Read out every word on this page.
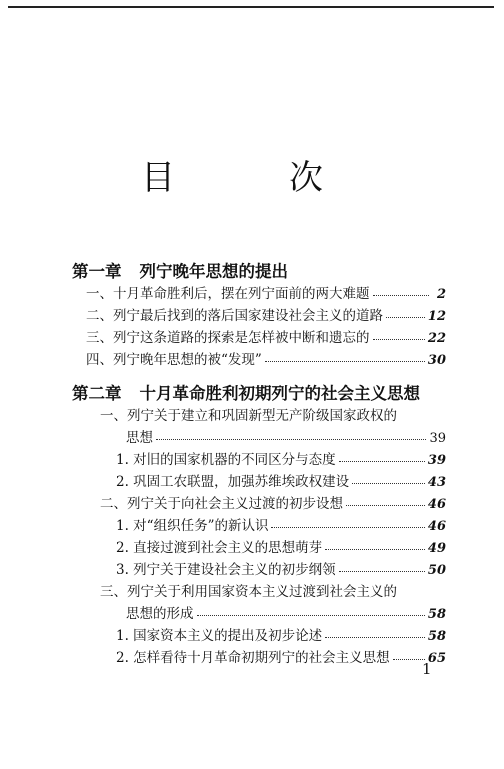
目　次
第一章 列宁晚年思想的提出
一、十月革命胜利后，摆在列宁面前的两大难题	2
二、列宁最后找到的落后国家建设社会主义的道路	12
三、列宁这条道路的探索是怎样被中断和遗忘的	22
四、列宁晚年思想的被“发现”	30
第二章 十月革命胜利初期列宁的社会主义思想
一、列宁关于建立和巩固新型无产阶级国家政权的
思想	39
1. 对旧的国家机器的不同区分与态度	39
2. 巩固工农联盟，加强苏维埃政权建设	43
二、列宁关于向社会主义过渡的初步设想	46
1. 对“组织任务”的新认识	46
2. 直接过渡到社会主义的思想萌芽	49
3. 列宁关于建设社会主义的初步纲领	50
三、列宁关于利用国家资本主义过渡到社会主义的
思想的形成	58
1. 国家资本主义的提出及初步论述	58
2. 怎样看待十月革命初期列宁的社会主义思想	65
1
